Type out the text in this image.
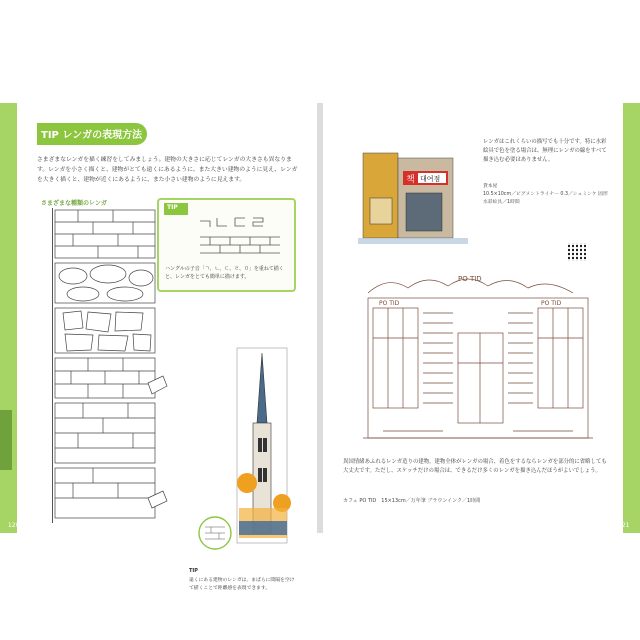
TIP レンガの表現方法
さまざまなレンガを描く練習をしてみましょう。建物の大きさに応じてレンガの大きさも異なります。レンガを小さく描くと、建物がとても遠くにあるように、また大きい建物のように見え、レンガを大きく描くと、建物が近くにあるように、また小さい建物のように見えます。
さまざまな種類のレンガ
TIP
ハングルの子音「ㄱ、ㄴ、ㄷ、ㄹ、ㅁ」を重ねて描くと、レンガをとても簡単に描けます。
TIP
遠くにある建物のレンガは、まばらに間隔を空けて描くことで距離感を表現できます。
책 대여점
レンガはこれくらいの描写でも十分です。特に水彩絵具で色を塗る場合は、無理にレンガの線をすべて描き込む必要はありません。
貸本屋
10.5×10cm／ピグメントライナー 0.3／シュミンケ 固形水彩絵具／1時間
PO TID	PO TID
PO TID
異国情緒あふれるレンガ造りの建物。建物全体がレンガの場合、着色をするならレンガを部分的に省略しても大丈夫です。ただし、スケッチだけの場合は、できるだけ多くのレンガを描き込んだほうがよいでしょう。
カフェ PO TID　15×13cm／万年筆 ブラウンインク／1時間
120	121
